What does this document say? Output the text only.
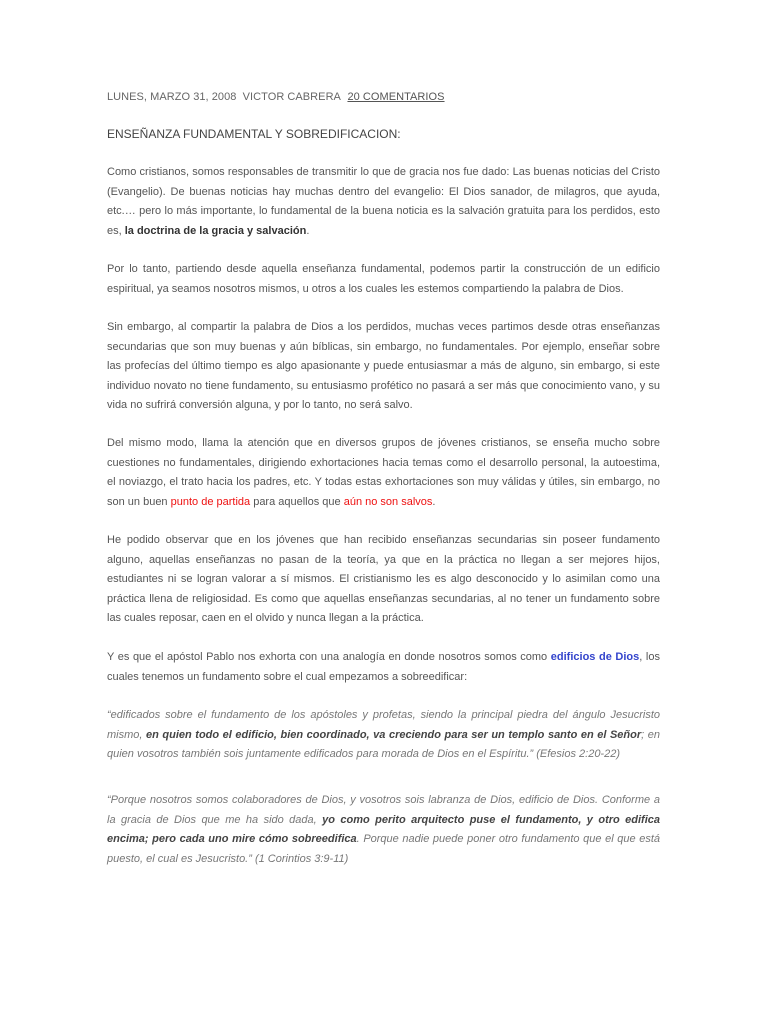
LUNES, MARZO 31, 2008 VICTOR CABRERA 20 COMENTARIOS
ENSEÑANZA FUNDAMENTAL Y SOBREDIFICACION:

Como cristianos, somos responsables de transmitir lo que de gracia nos fue dado: Las buenas noticias del Cristo (Evangelio). De buenas noticias hay muchas dentro del evangelio: El Dios sanador, de milagros, que ayuda, etc.… pero lo más importante, lo fundamental de la buena noticia es la salvación gratuita para los perdidos, esto es, la doctrina de la gracia y salvación.

Por lo tanto, partiendo desde aquella enseñanza fundamental, podemos partir la construcción de un edificio espiritual, ya seamos nosotros mismos, u otros a los cuales les estemos compartiendo la palabra de Dios.

Sin embargo, al compartir la palabra de Dios a los perdidos, muchas veces partimos desde otras enseñanzas secundarias que son muy buenas y aún bíblicas, sin embargo, no fundamentales. Por ejemplo, enseñar sobre las profecías del último tiempo es algo apasionante y puede entusiasmar a más de alguno, sin embargo, si este individuo novato no tiene fundamento, su entusiasmo profético no pasará a ser más que conocimiento vano, y su vida no sufrirá conversión alguna, y por lo tanto, no será salvo.

Del mismo modo, llama la atención que en diversos grupos de jóvenes cristianos, se enseña mucho sobre cuestiones no fundamentales, dirigiendo exhortaciones hacia temas como el desarrollo personal, la autoestima, el noviazgo, el trato hacia los padres, etc. Y todas estas exhortaciones son muy válidas y útiles, sin embargo, no son un buen punto de partida para aquellos que aún no son salvos.

He podido observar que en los jóvenes que han recibido enseñanzas secundarias sin poseer fundamento alguno, aquellas enseñanzas no pasan de la teoría, ya que en la práctica no llegan a ser mejores hijos, estudiantes ni se logran valorar a sí mismos. El cristianismo les es algo desconocido y lo asimilan como una práctica llena de religiosidad. Es como que aquellas enseñanzas secundarias, al no tener un fundamento sobre las cuales reposar, caen en el olvido y nunca llegan a la práctica.

Y es que el apóstol Pablo nos exhorta con una analogía en donde nosotros somos como edificios de Dios, los cuales tenemos un fundamento sobre el cual empezamos a sobreedificar:

“edificados sobre el fundamento de los apóstoles y profetas, siendo la principal piedra del ángulo Jesucristo mismo, en quien todo el edificio, bien coordinado, va creciendo para ser un templo santo en el Señor; en quien vosotros también sois juntamente edificados para morada de Dios en el Espíritu.” (Efesios 2:20-22)

“Porque nosotros somos colaboradores de Dios, y vosotros sois labranza de Dios, edificio de Dios. Conforme a la gracia de Dios que me ha sido dada, yo como perito arquitecto puse el fundamento, y otro edifica encima; pero cada uno mire cómo sobreedifica. Porque nadie puede poner otro fundamento que el que está puesto, el cual es Jesucristo.” (1 Corintios 3:9-11)
